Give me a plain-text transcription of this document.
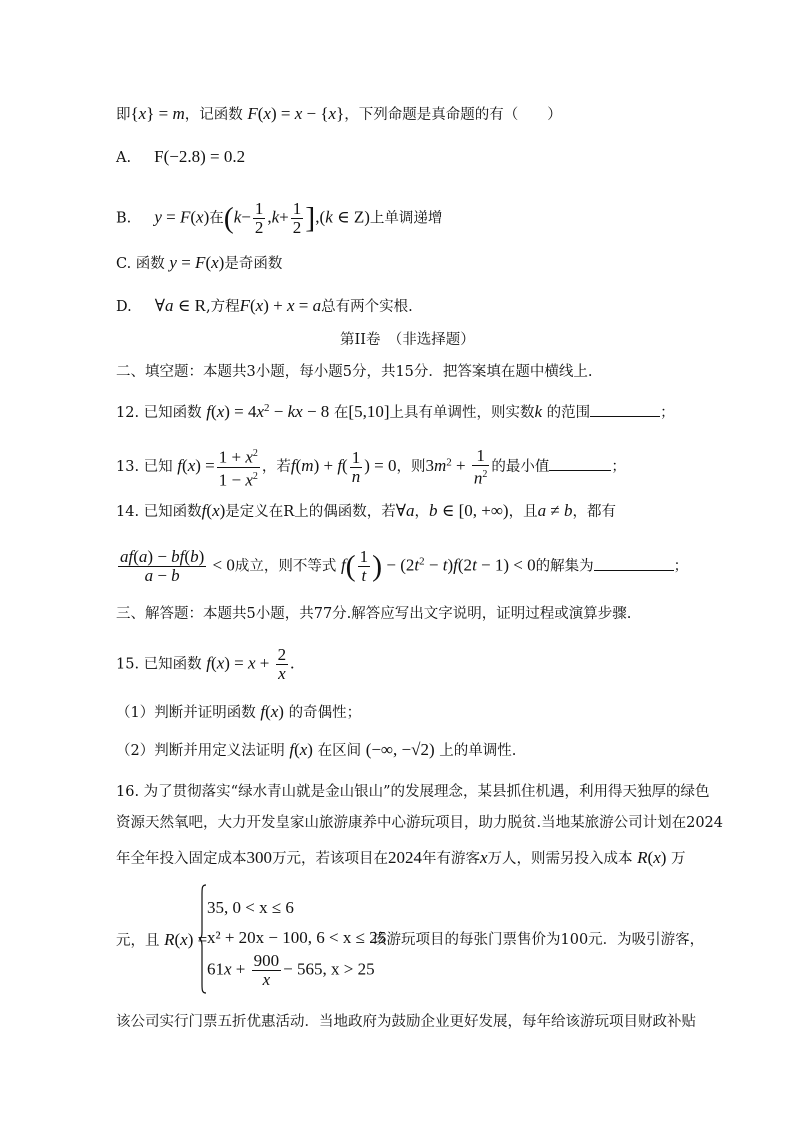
即{x} = m，记函数 F(x) = x − {x}，下列命题是真命题的有（　　）
A. F(−2.8) = 0.2
B. y = F(x)在$(k- \frac{1}{2} ,k+ \frac{1}{2} ],(k$ ∈ Z)上单调递增
C. 函数 y = F(x)是奇函数
D. ∀a ∈ R,方程F(x) + x = a总有两个实根.
第II卷　（非选择题）
二、填空题：本题共3小题，每小题5分，共15分．把答案填在题中横线上.
12. 已知函数 $f(x) = 4x^2$ − kx − 8 在[5,10]上具有单调性，则实数k 的范围	；
13. 已知 $f(x) = \frac{1 + x^2}{1 - x^2}$ ，若$f(m) + f( \frac{1}{n}$ ) = 0，则$3m^2 + \frac{1}{n^2}$ 的最小值	；
14. 已知函数f(x)是定义在R上的偶函数，若∀a，b ∈ [0, +∞)，且a ≠ b，都有
$\frac{af(a) - bf(b)}{a - b} < 0$成立，则不等式 $f( \frac{1}{t}$ ) − $(2t^2 - t)f(2t - 1) < 0$的解集为	；
三、解答题：本题共5小题，共77分.解答应写出文字说明，证明过程或演算步骤.
15. 已知函数 $f(x) = x + \frac{2}{x}$ .
（1）判断并证明函数 f(x) 的奇偶性；
（2）判断并用定义法证明 f(x) 在区间 (−∞, −√2) 上的单调性.
16. 为了贯彻落实“绿水青山就是金山银山”的发展理念，某县抓住机遇，利用得天独厚的绿色
资源天然氧吧，大力开发皇家山旅游康养中心游玩项目，助力脱贫.当地某旅游公司计划在2024
年全年投入固定成本300万元，若该项目在2024年有游客x万人，则需另投入成本 R(x) 万
元，且 R(x) =
35, 0 < x ≤ 6
x² + 20x − 100, 6 < x ≤ 25
$61x + \frac{900}{x} - 565$, x > 25
该游玩项目的每张门票售价为100元．为吸引游客，
该公司实行门票五折优惠活动．当地政府为鼓励企业更好发展，每年给该游玩项目财政补贴
